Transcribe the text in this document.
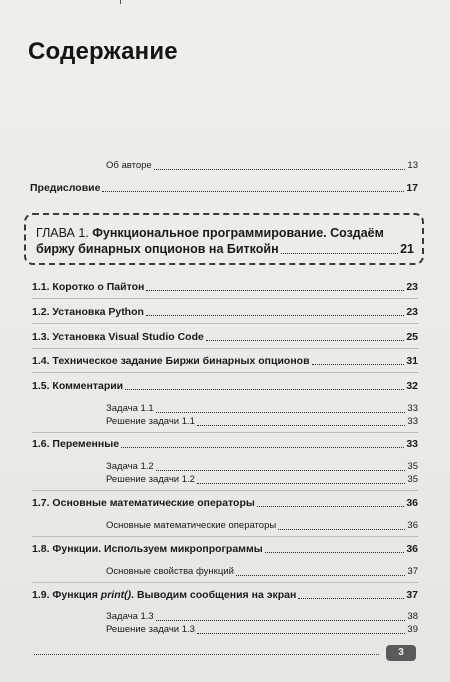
Содержание
Об авторе	13
Предисловие	17
ГЛАВА 1. Функциональное программирование. Создаём
биржу бинарных опционов на Биткойн	21
1.1. Коротко о Пайтон	23
1.2. Установка Python	23
1.3. Установка Visual Studio Code	25
1.4. Техническое задание Биржи бинарных опционов	31
1.5. Комментарии	32
Задача 1.1	33
Решение задачи 1.1	33
1.6. Переменные	33
Задача 1.2	35
Решение задачи 1.2	35
1.7. Основные математические операторы	36
Основные математические операторы	36
1.8. Функции. Используем микропрограммы	36
Основные свойства функций	37
1.9. Функция print(). Выводим сообщения на экран	37
Задача 1.3	38
Решение задачи 1.3	39
3
